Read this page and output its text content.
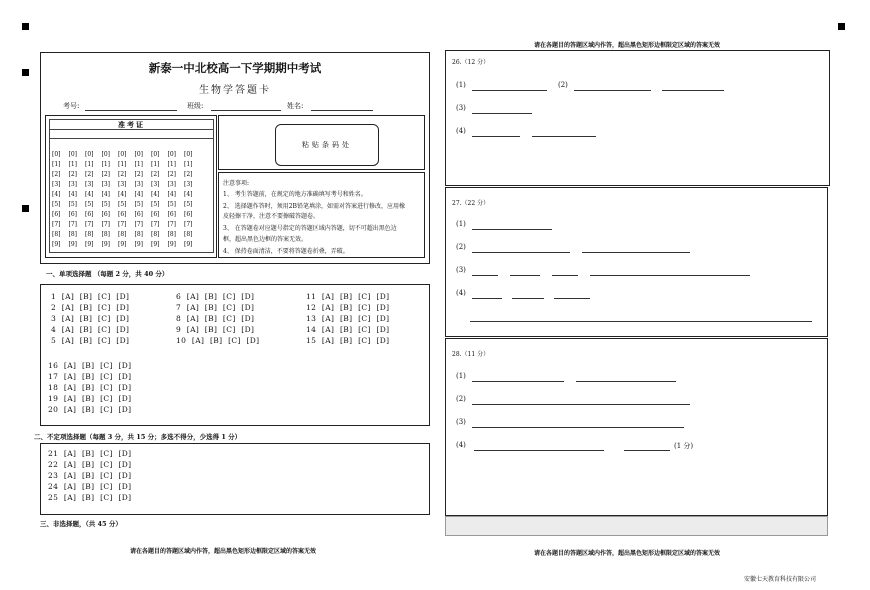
新泰一中北校高一下学期期中考试
生物学答题卡
考号:	班级:	姓名:
准考证
[0] [0] [0] [0] [0] [0] [0] [0] [0]
[1] [1] [1] [1] [1] [1] [1] [1] [1]
[2] [2] [2] [2] [2] [2] [2] [2] [2]
[3] [3] [3] [3] [3] [3] [3] [3] [3]
[4] [4] [4] [4] [4] [4] [4] [4] [4]
[5] [5] [5] [5] [5] [5] [5] [5] [5]
[6] [6] [6] [6] [6] [6] [6] [6] [6]
[7] [7] [7] [7] [7] [7] [7] [7] [7]
[8] [8] [8] [8] [8] [8] [8] [8] [8]
[9] [9] [9] [9] [9] [9] [9] [9] [9]
粘贴条码处
注意事项:
1、 考生答题前，在规定的地方准确填写考号和姓名。
2、 选择题作答时，须用2B铅笔填涂，如需对答案进行修改，应用橡
皮轻擦干净，注意不要擦破答题卷。
3、 在答题卷对应题号指定的答题区域内答题，切不可超出黑色边
框，超出黑色边框的答案无效。
4、 保持卷面清洁，不要将答题卷折叠，弄破。
一、单项选择题 （每题 2 分，共 40 分）
1  [A]  [B]  [C]  [D]
2  [A]  [B]  [C]  [D]
3  [A]  [B]  [C]  [D]
4  [A]  [B]  [C]  [D]
5  [A]  [B]  [C]  [D]
6  [A]  [B]  [C]  [D]
7  [A]  [B]  [C]  [D]
8  [A]  [B]  [C]  [D]
9  [A]  [B]  [C]  [D]
10  [A]  [B]  [C]  [D]
11  [A]  [B]  [C]  [D]
12  [A]  [B]  [C]  [D]
13  [A]  [B]  [C]  [D]
14  [A]  [B]  [C]  [D]
15  [A]  [B]  [C]  [D]
16  [A]  [B]  [C]  [D]
17  [A]  [B]  [C]  [D]
18  [A]  [B]  [C]  [D]
19  [A]  [B]  [C]  [D]
20  [A]  [B]  [C]  [D]
二、不定项选择题（每题 3 分，共 15 分；多选不得分，少选得 1 分）
21  [A]  [B]  [C]  [D]
22  [A]  [B]  [C]  [D]
23  [A]  [B]  [C]  [D]
24  [A]  [B]  [C]  [D]
25  [A]  [B]  [C]  [D]
三、非选择题，（共 45 分）
请在各题目的答题区域内作答，超出黑色矩形边框限定区域的答案无效
请在各题目的答题区域内作答，超出黑色矩形边框限定区域的答案无效
26.（12 分）
(1)	(2)
(3)
(4)
27.（22 分）
(1)
(2)
(3)
(4)
28.（11 分）
(1)
(2)
(3)
(4)	(1 分)
请在各题目的答题区域内作答，超出黑色矩形边框限定区域的答案无效
安徽七天教育科技有限公司
